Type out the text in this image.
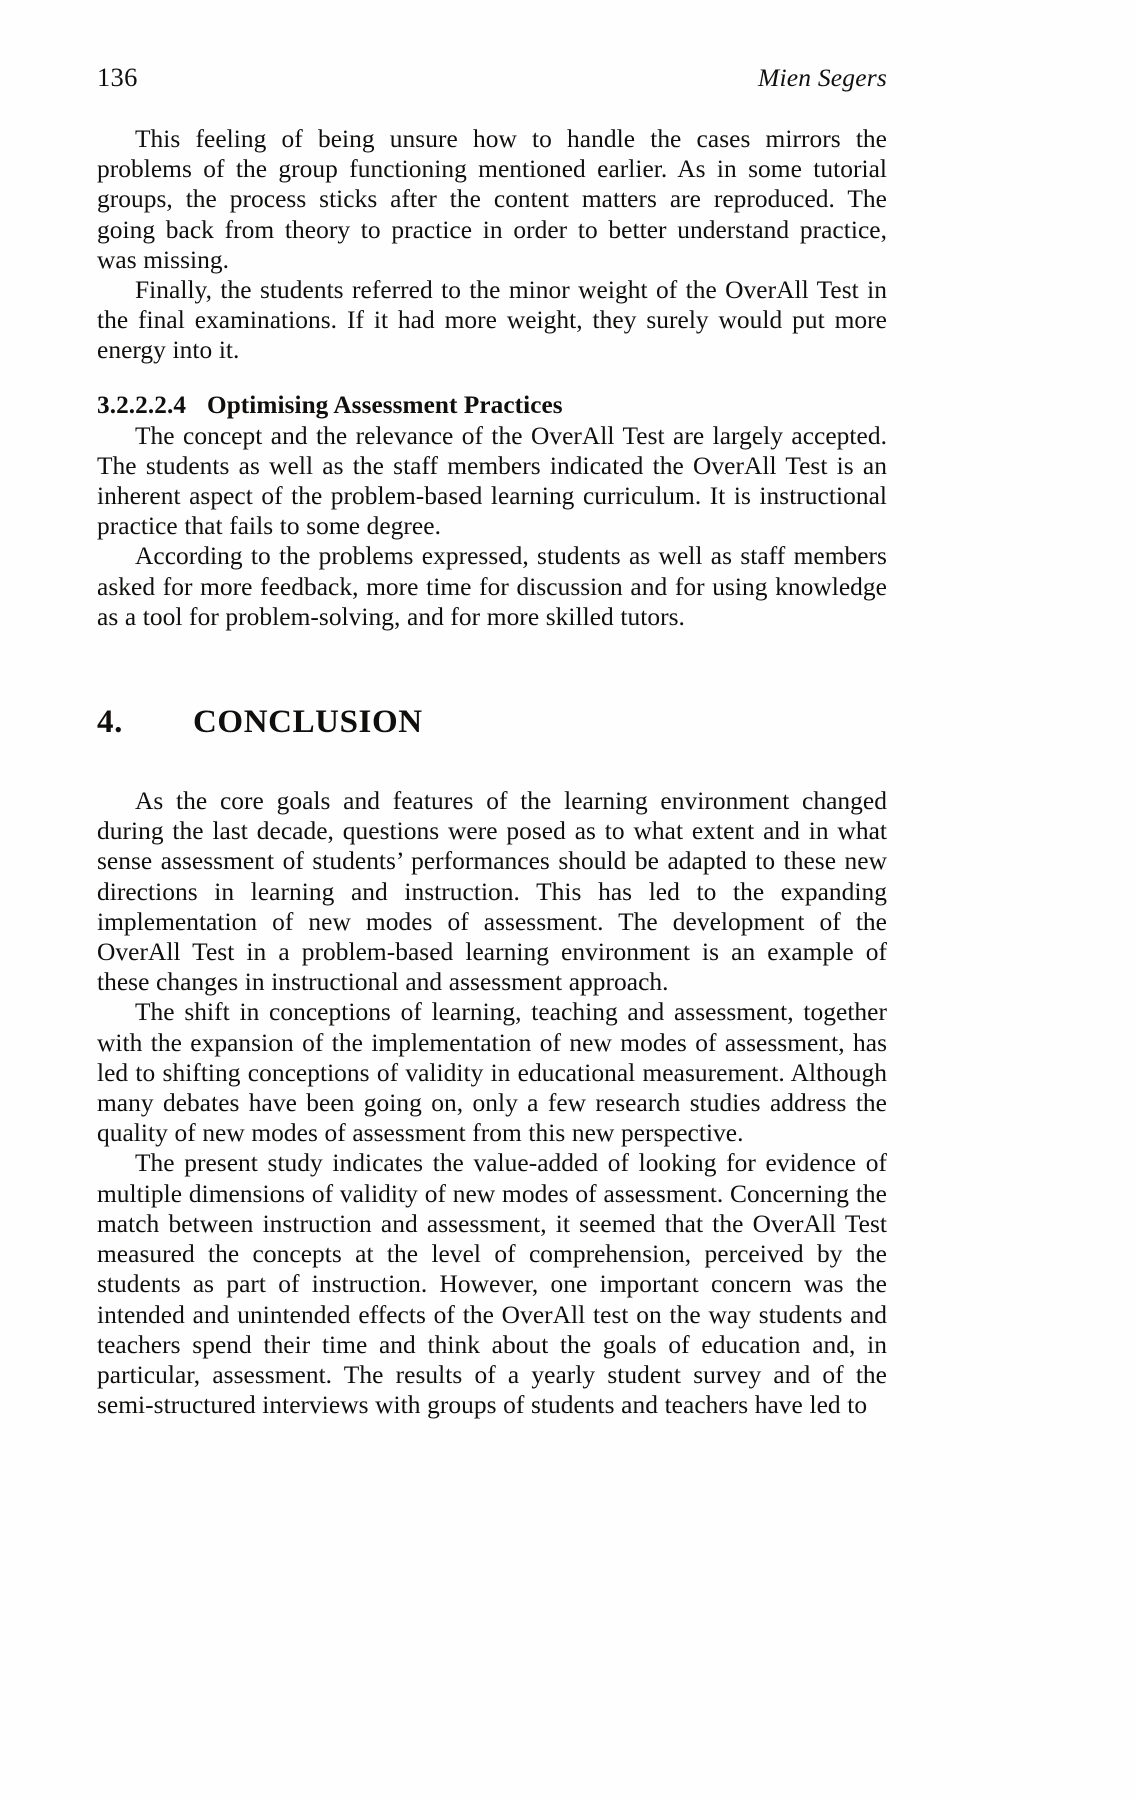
136	Mien Segers

This feeling of being unsure how to handle the cases mirrors the problems of the group functioning mentioned earlier. As in some tutorial groups, the process sticks after the content matters are reproduced. The going back from theory to practice in order to better understand practice, was missing.

Finally, the students referred to the minor weight of the OverAll Test in the final examinations. If it had more weight, they surely would put more energy into it.

3.2.2.2.4 Optimising Assessment Practices

The concept and the relevance of the OverAll Test are largely accepted. The students as well as the staff members indicated the OverAll Test is an inherent aspect of the problem-based learning curriculum. It is instructional practice that fails to some degree.

According to the problems expressed, students as well as staff members asked for more feedback, more time for discussion and for using knowledge as a tool for problem-solving, and for more skilled tutors.

4. CONCLUSION

As the core goals and features of the learning environment changed during the last decade, questions were posed as to what extent and in what sense assessment of students’ performances should be adapted to these new directions in learning and instruction. This has led to the expanding implementation of new modes of assessment. The development of the OverAll Test in a problem-based learning environment is an example of these changes in instructional and assessment approach.

The shift in conceptions of learning, teaching and assessment, together with the expansion of the implementation of new modes of assessment, has led to shifting conceptions of validity in educational measurement. Although many debates have been going on, only a few research studies address the quality of new modes of assessment from this new perspective.

The present study indicates the value-added of looking for evidence of multiple dimensions of validity of new modes of assessment. Concerning the match between instruction and assessment, it seemed that the OverAll Test measured the concepts at the level of comprehension, perceived by the students as part of instruction. However, one important concern was the intended and unintended effects of the OverAll test on the way students and teachers spend their time and think about the goals of education and, in particular, assessment. The results of a yearly student survey and of the semi-structured interviews with groups of students and teachers have led to
